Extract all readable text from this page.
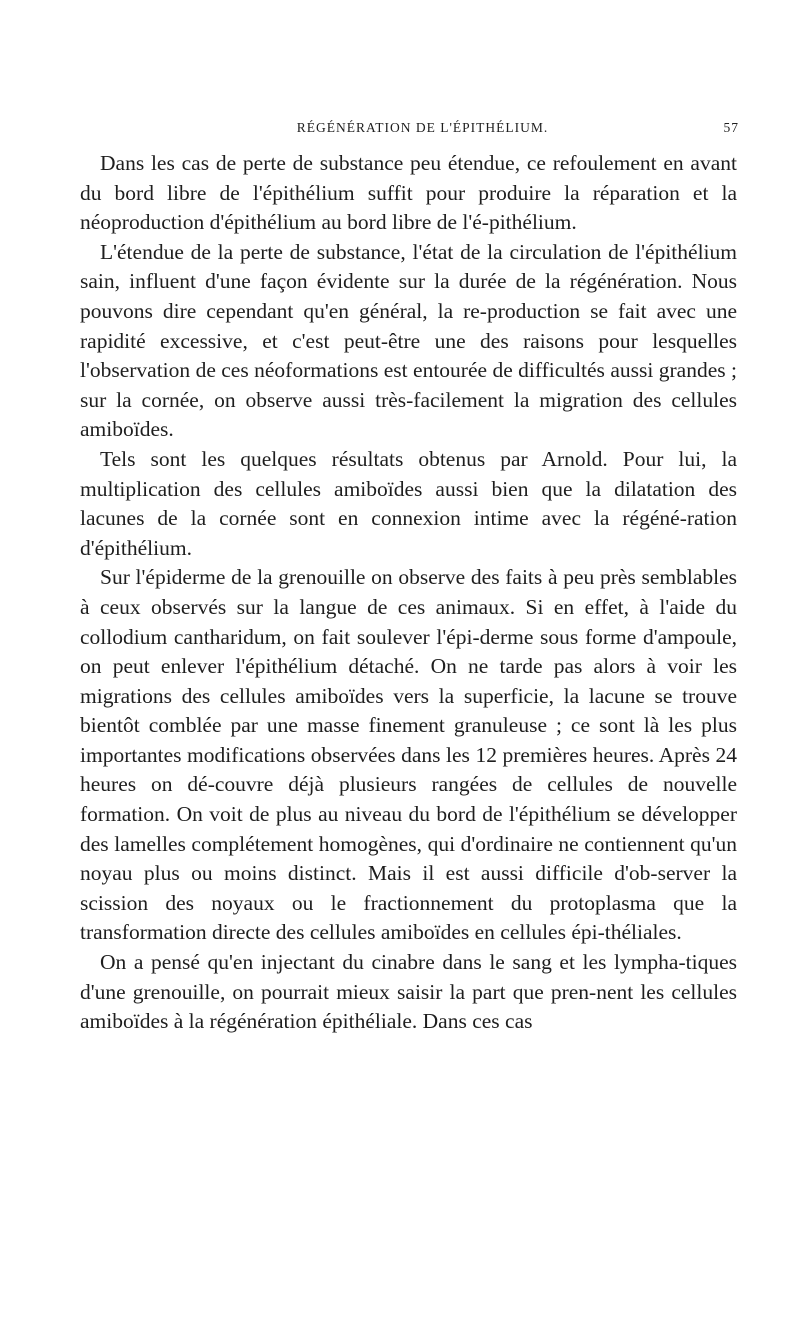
RÉGÉNÉRATION DE L'ÉPITHÉLIUM.	57

Dans les cas de perte de substance peu étendue, ce refoulement en avant du bord libre de l'épithélium suffit pour produire la réparation et la néoproduction d'épithélium au bord libre de l'é-pithélium.

L'étendue de la perte de substance, l'état de la circulation de l'épithélium sain, influent d'une façon évidente sur la durée de la régénération. Nous pouvons dire cependant qu'en général, la re-production se fait avec une rapidité excessive, et c'est peut-être une des raisons pour lesquelles l'observation de ces néoformations est entourée de difficultés aussi grandes ; sur la cornée, on observe aussi très-facilement la migration des cellules amiboïdes.

Tels sont les quelques résultats obtenus par Arnold. Pour lui, la multiplication des cellules amiboïdes aussi bien que la dilatation des lacunes de la cornée sont en connexion intime avec la régéné-ration d'épithélium.

Sur l'épiderme de la grenouille on observe des faits à peu près semblables à ceux observés sur la langue de ces animaux. Si en effet, à l'aide du collodium cantharidum, on fait soulever l'épi-derme sous forme d'ampoule, on peut enlever l'épithélium détaché. On ne tarde pas alors à voir les migrations des cellules amiboïdes vers la superficie, la lacune se trouve bientôt comblée par une masse finement granuleuse ; ce sont là les plus importantes modifications observées dans les 12 premières heures. Après 24 heures on dé-couvre déjà plusieurs rangées de cellules de nouvelle formation. On voit de plus au niveau du bord de l'épithélium se développer des lamelles complétement homogènes, qui d'ordinaire ne contiennent qu'un noyau plus ou moins distinct. Mais il est aussi difficile d'ob-server la scission des noyaux ou le fractionnement du protoplasma que la transformation directe des cellules amiboïdes en cellules épi-théliales.

On a pensé qu'en injectant du cinabre dans le sang et les lympha-tiques d'une grenouille, on pourrait mieux saisir la part que pren-nent les cellules amiboïdes à la régénération épithéliale. Dans ces cas
